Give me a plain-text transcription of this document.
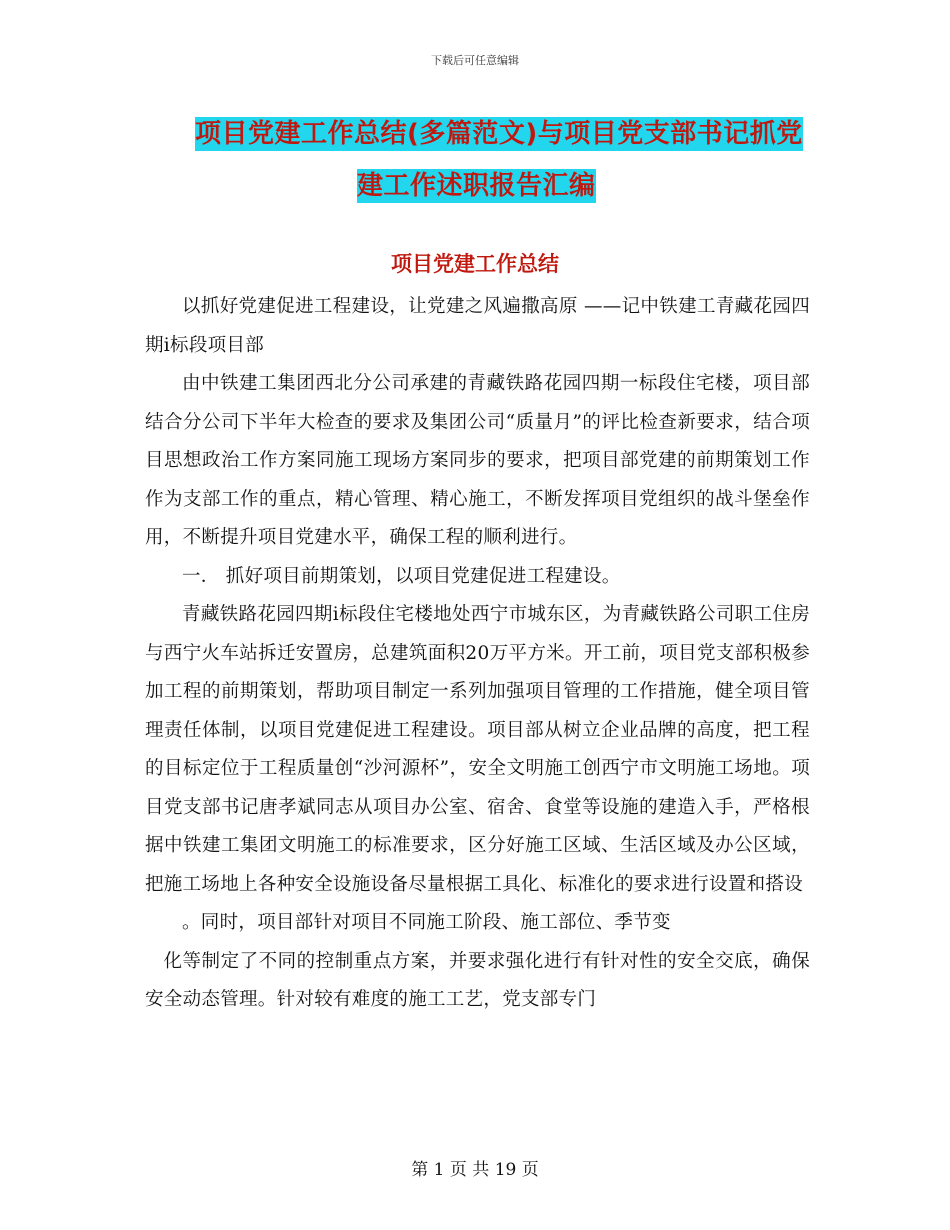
下载后可任意编辑
项目党建工作总结(多篇范文)与项目党支部书记抓党
建工作述职报告汇编
项目党建工作总结

以抓好党建促进工程建设，让党建之风遍撒高原 ——记中铁建工青藏花园四期ⅰ标段项目部

由中铁建工集团西北分公司承建的青藏铁路花园四期一标段住宅楼，项目部结合分公司下半年大检查的要求及集团公司“质量月”的评比检查新要求，结合项目思想政治工作方案同施工现场方案同步的要求，把项目部党建的前期策划工作作为支部工作的重点，精心管理、精心施工，不断发挥项目党组织的战斗堡垒作用，不断提升项目党建水平，确保工程的顺利进行。

一． 抓好项目前期策划，以项目党建促进工程建设。

青藏铁路花园四期ⅰ标段住宅楼地处西宁市城东区，为青藏铁路公司职工住房与西宁火车站拆迁安置房，总建筑面积20万平方米。开工前，项目党支部积极参加工程的前期策划，帮助项目制定一系列加强项目管理的工作措施，健全项目管理责任体制，以项目党建促进工程建设。项目部从树立企业品牌的高度，把工程的目标定位于工程质量创“沙河源杯”，安全文明施工创西宁市文明施工场地。项目党支部书记唐孝斌同志从项目办公室、宿舍、食堂等设施的建造入手，严格根据中铁建工集团文明施工的标准要求，区分好施工区域、生活区域及办公区域，把施工场地上各种安全设施设备尽量根据工具化、标准化的要求进行设置和搭设

。同时，项目部针对项目不同施工阶段、施工部位、季节变

化等制定了不同的控制重点方案，并要求强化进行有针对性的安全交底，确保安全动态管理。针对较有难度的施工工艺，党支部专门

第 1 页 共 19 页
